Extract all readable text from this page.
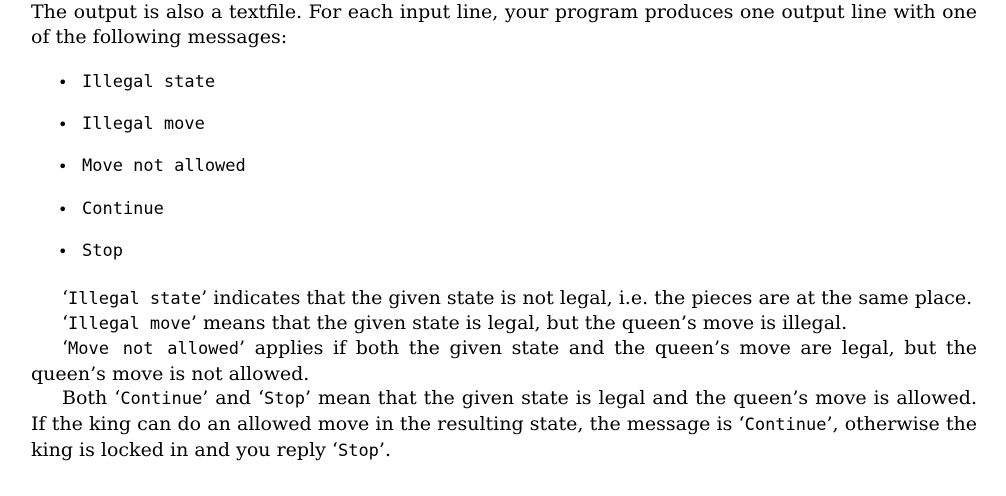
The output is also a textfile. For each input line, your program produces one output line with one of the following messages:

• Illegal state
• Illegal move
• Move not allowed
• Continue
• Stop

‘Illegal state’ indicates that the given state is not legal, i.e. the pieces are at the same place.

‘Illegal move’ means that the given state is legal, but the queen’s move is illegal.

‘Move not allowed’ applies if both the given state and the queen’s move are legal, but the queen’s move is not allowed.

Both ‘Continue’ and ‘Stop’ mean that the given state is legal and the queen’s move is allowed. If the king can do an allowed move in the resulting state, the message is ‘Continue’, otherwise the king is locked in and you reply ‘Stop’.
